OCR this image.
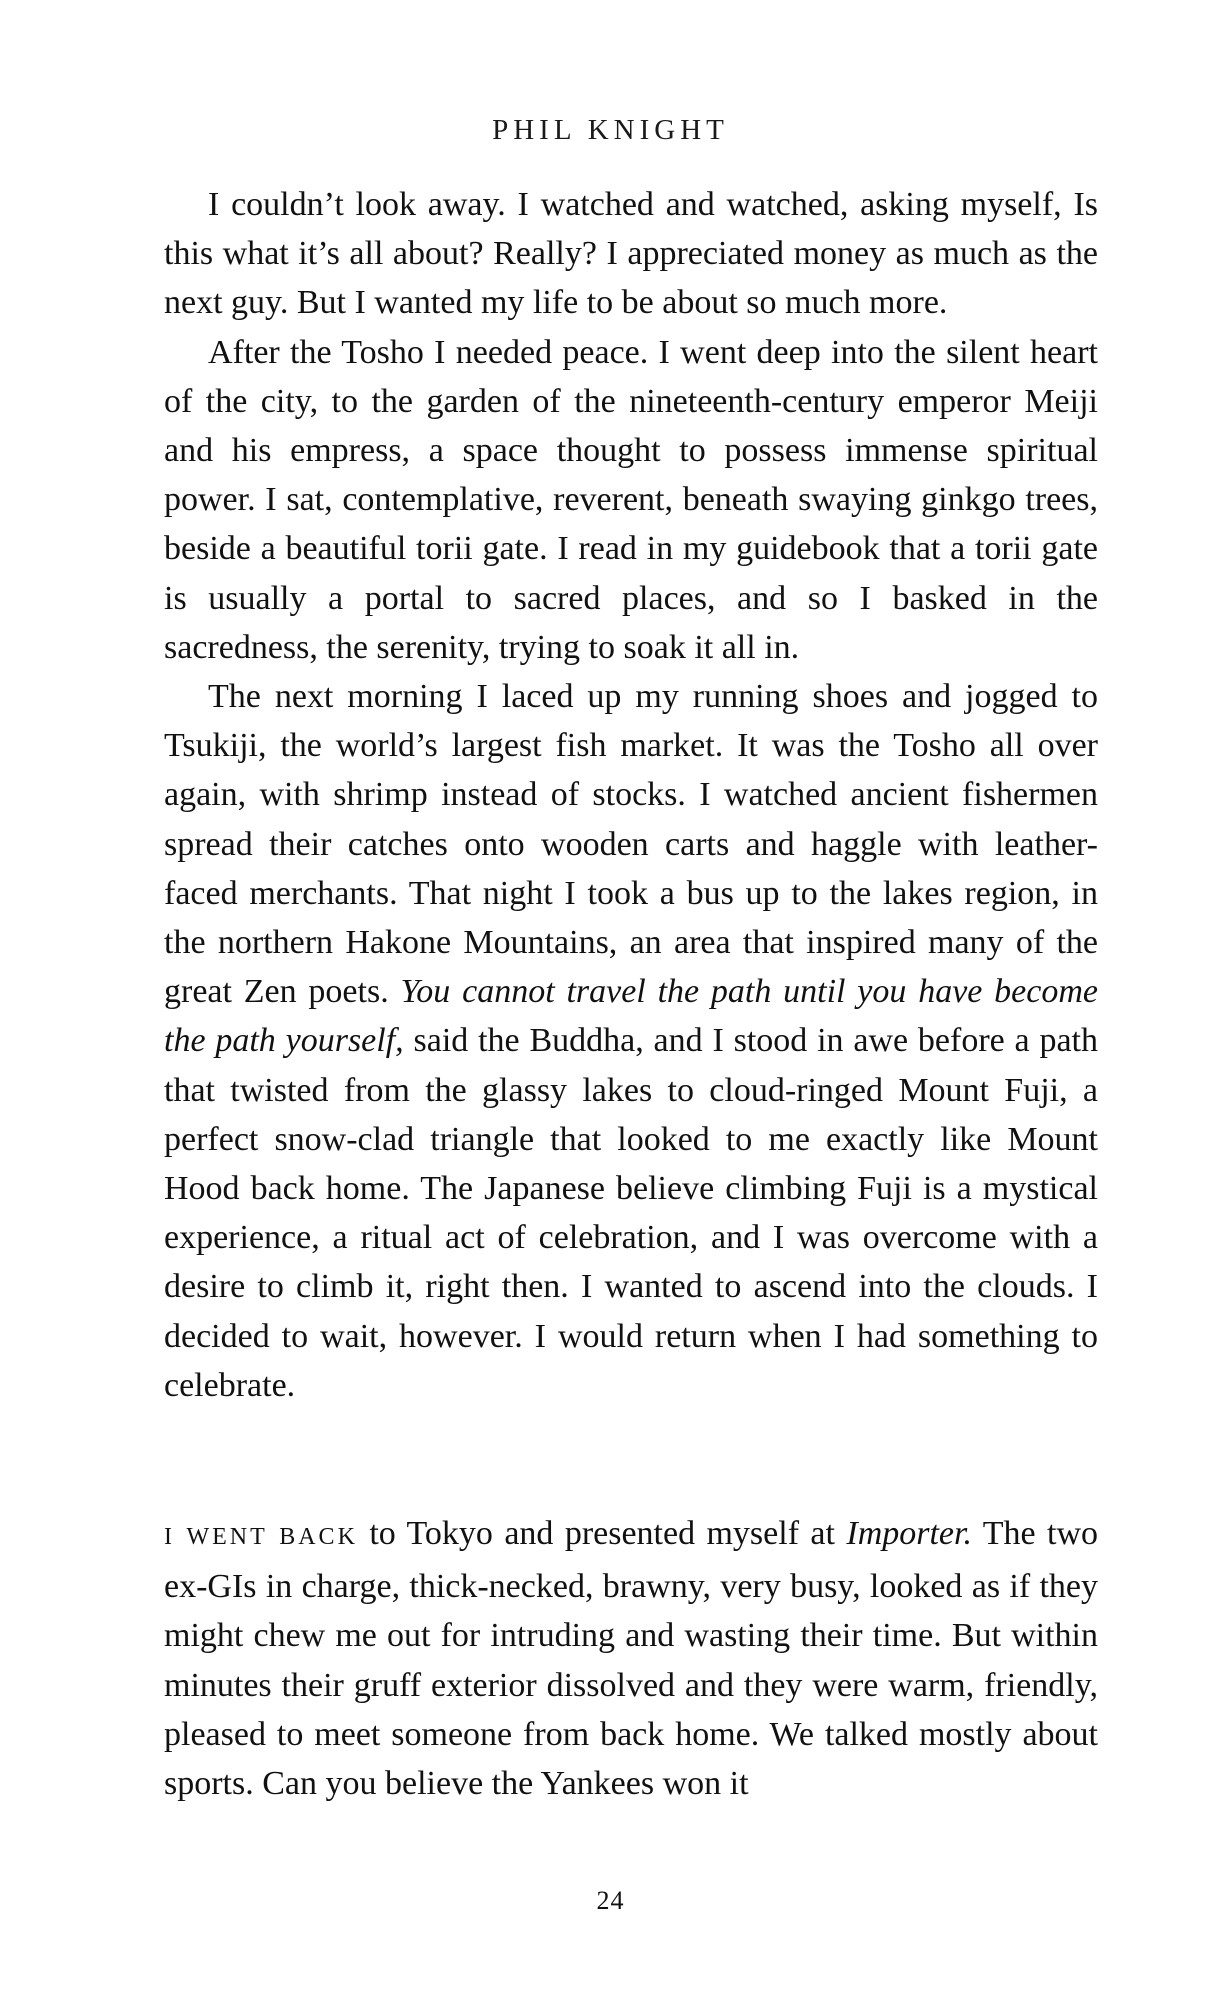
PHIL KNIGHT

I couldn’t look away. I watched and watched, asking myself, Is this what it’s all about? Really? I appreciated money as much as the next guy. But I wanted my life to be about so much more.

After the Tosho I needed peace. I went deep into the silent heart of the city, to the garden of the nineteenth-century emperor Meiji and his empress, a space thought to possess immense spiritual power. I sat, contemplative, reverent, beneath swaying ginkgo trees, beside a beautiful torii gate. I read in my guidebook that a torii gate is usually a portal to sacred places, and so I basked in the sacredness, the serenity, trying to soak it all in.

The next morning I laced up my running shoes and jogged to Tsukiji, the world’s largest fish market. It was the Tosho all over again, with shrimp instead of stocks. I watched ancient fishermen spread their catches onto wooden carts and haggle with leather-faced merchants. That night I took a bus up to the lakes region, in the northern Hakone Mountains, an area that inspired many of the great Zen poets. You cannot travel the path until you have become the path yourself, said the Buddha, and I stood in awe before a path that twisted from the glassy lakes to cloud-ringed Mount Fuji, a perfect snow-clad triangle that looked to me exactly like Mount Hood back home. The Japanese believe climbing Fuji is a mystical experience, a ritual act of celebration, and I was overcome with a desire to climb it, right then. I wanted to ascend into the clouds. I decided to wait, however. I would return when I had something to celebrate.

I WENT BACK to Tokyo and presented myself at Importer. The two ex-GIs in charge, thick-necked, brawny, very busy, looked as if they might chew me out for intruding and wasting their time. But within minutes their gruff exterior dissolved and they were warm, friendly, pleased to meet someone from back home. We talked mostly about sports. Can you believe the Yankees won it

24
